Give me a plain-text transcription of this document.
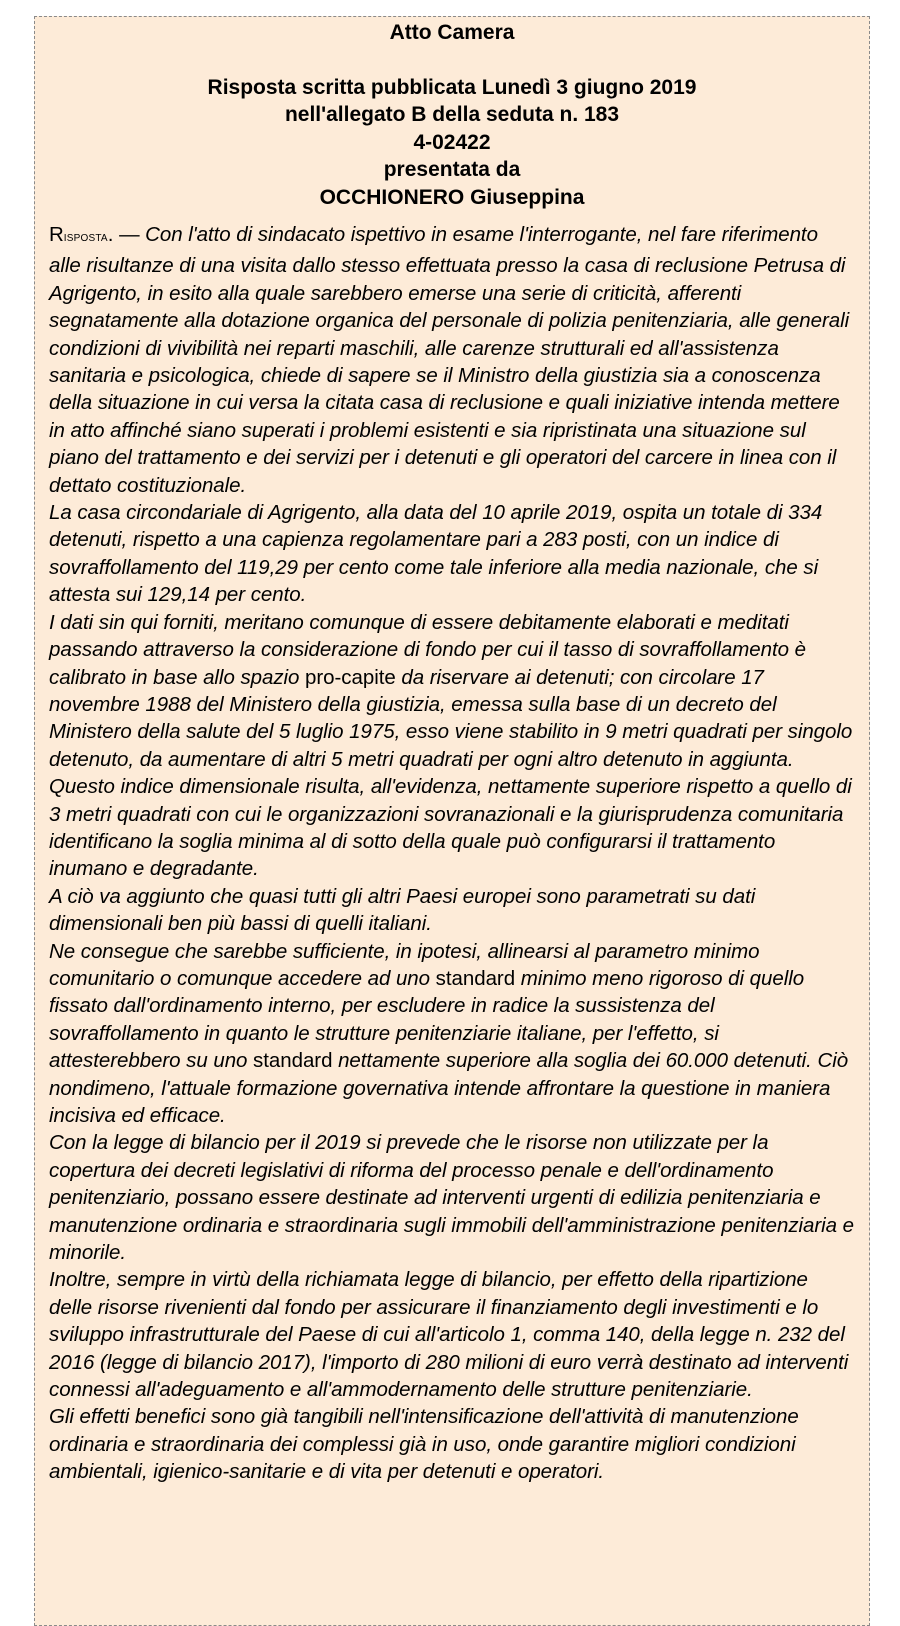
Atto Camera
Risposta scritta pubblicata Lunedì 3 giugno 2019
nell'allegato B della seduta n. 183
4-02422
presentata da
OCCHIONERO Giuseppina

RISPOSTA. — Con l'atto di sindacato ispettivo in esame l'interrogante, nel fare riferimento alle risultanze di una visita dallo stesso effettuata presso la casa di reclusione Petrusa di Agrigento, in esito alla quale sarebbero emerse una serie di criticità, afferenti segnatamente alla dotazione organica del personale di polizia penitenziaria, alle generali condizioni di vivibilità nei reparti maschili, alle carenze strutturali ed all'assistenza sanitaria e psicologica, chiede di sapere se il Ministro della giustizia sia a conoscenza della situazione in cui versa la citata casa di reclusione e quali iniziative intenda mettere in atto affinché siano superati i problemi esistenti e sia ripristinata una situazione sul piano del trattamento e dei servizi per i detenuti e gli operatori del carcere in linea con il dettato costituzionale.

La casa circondariale di Agrigento, alla data del 10 aprile 2019, ospita un totale di 334 detenuti, rispetto a una capienza regolamentare pari a 283 posti, con un indice di sovraffollamento del 119,29 per cento come tale inferiore alla media nazionale, che si attesta sui 129,14 per cento.

I dati sin qui forniti, meritano comunque di essere debitamente elaborati e meditati passando attraverso la considerazione di fondo per cui il tasso di sovraffollamento è calibrato in base allo spazio pro-capite da riservare ai detenuti; con circolare 17 novembre 1988 del Ministero della giustizia, emessa sulla base di un decreto del Ministero della salute del 5 luglio 1975, esso viene stabilito in 9 metri quadrati per singolo detenuto, da aumentare di altri 5 metri quadrati per ogni altro detenuto in aggiunta.

Questo indice dimensionale risulta, all'evidenza, nettamente superiore rispetto a quello di 3 metri quadrati con cui le organizzazioni sovranazionali e la giurisprudenza comunitaria identificano la soglia minima al di sotto della quale può configurarsi il trattamento inumano e degradante.

A ciò va aggiunto che quasi tutti gli altri Paesi europei sono parametrati su dati dimensionali ben più bassi di quelli italiani.

Ne consegue che sarebbe sufficiente, in ipotesi, allinearsi al parametro minimo comunitario o comunque accedere ad uno standard minimo meno rigoroso di quello fissato dall'ordinamento interno, per escludere in radice la sussistenza del sovraffollamento in quanto le strutture penitenziarie italiane, per l'effetto, si attesterebbero su uno standard nettamente superiore alla soglia dei 60.000 detenuti. Ciò nondimeno, l'attuale formazione governativa intende affrontare la questione in maniera incisiva ed efficace.

Con la legge di bilancio per il 2019 si prevede che le risorse non utilizzate per la copertura dei decreti legislativi di riforma del processo penale e dell'ordinamento penitenziario, possano essere destinate ad interventi urgenti di edilizia penitenziaria e manutenzione ordinaria e straordinaria sugli immobili dell'amministrazione penitenziaria e minorile.

Inoltre, sempre in virtù della richiamata legge di bilancio, per effetto della ripartizione delle risorse rivenienti dal fondo per assicurare il finanziamento degli investimenti e lo sviluppo infrastrutturale del Paese di cui all'articolo 1, comma 140, della legge n. 232 del 2016 (legge di bilancio 2017), l'importo di 280 milioni di euro verrà destinato ad interventi connessi all'adeguamento e all'ammodernamento delle strutture penitenziarie.

Gli effetti benefici sono già tangibili nell'intensificazione dell'attività di manutenzione ordinaria e straordinaria dei complessi già in uso, onde garantire migliori condizioni ambientali, igienico-sanitarie e di vita per detenuti e operatori.
